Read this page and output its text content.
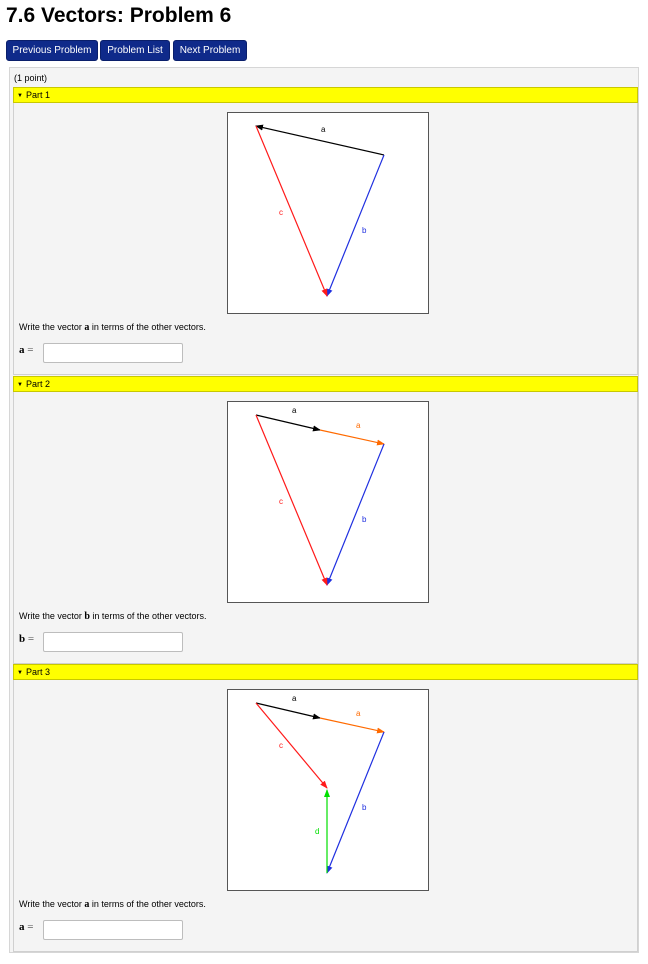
7.6 Vectors: Problem 6
Previous Problem	Problem List	Next Problem
(1 point)
▼ Part 1
a
b
c
Write the vector a in terms of the other vectors.
a =
▼ Part 2
a
a
b
c
Write the vector b in terms of the other vectors.
b =
▼ Part 3
a
a
b
c
d
Write the vector a in terms of the other vectors.
a =
